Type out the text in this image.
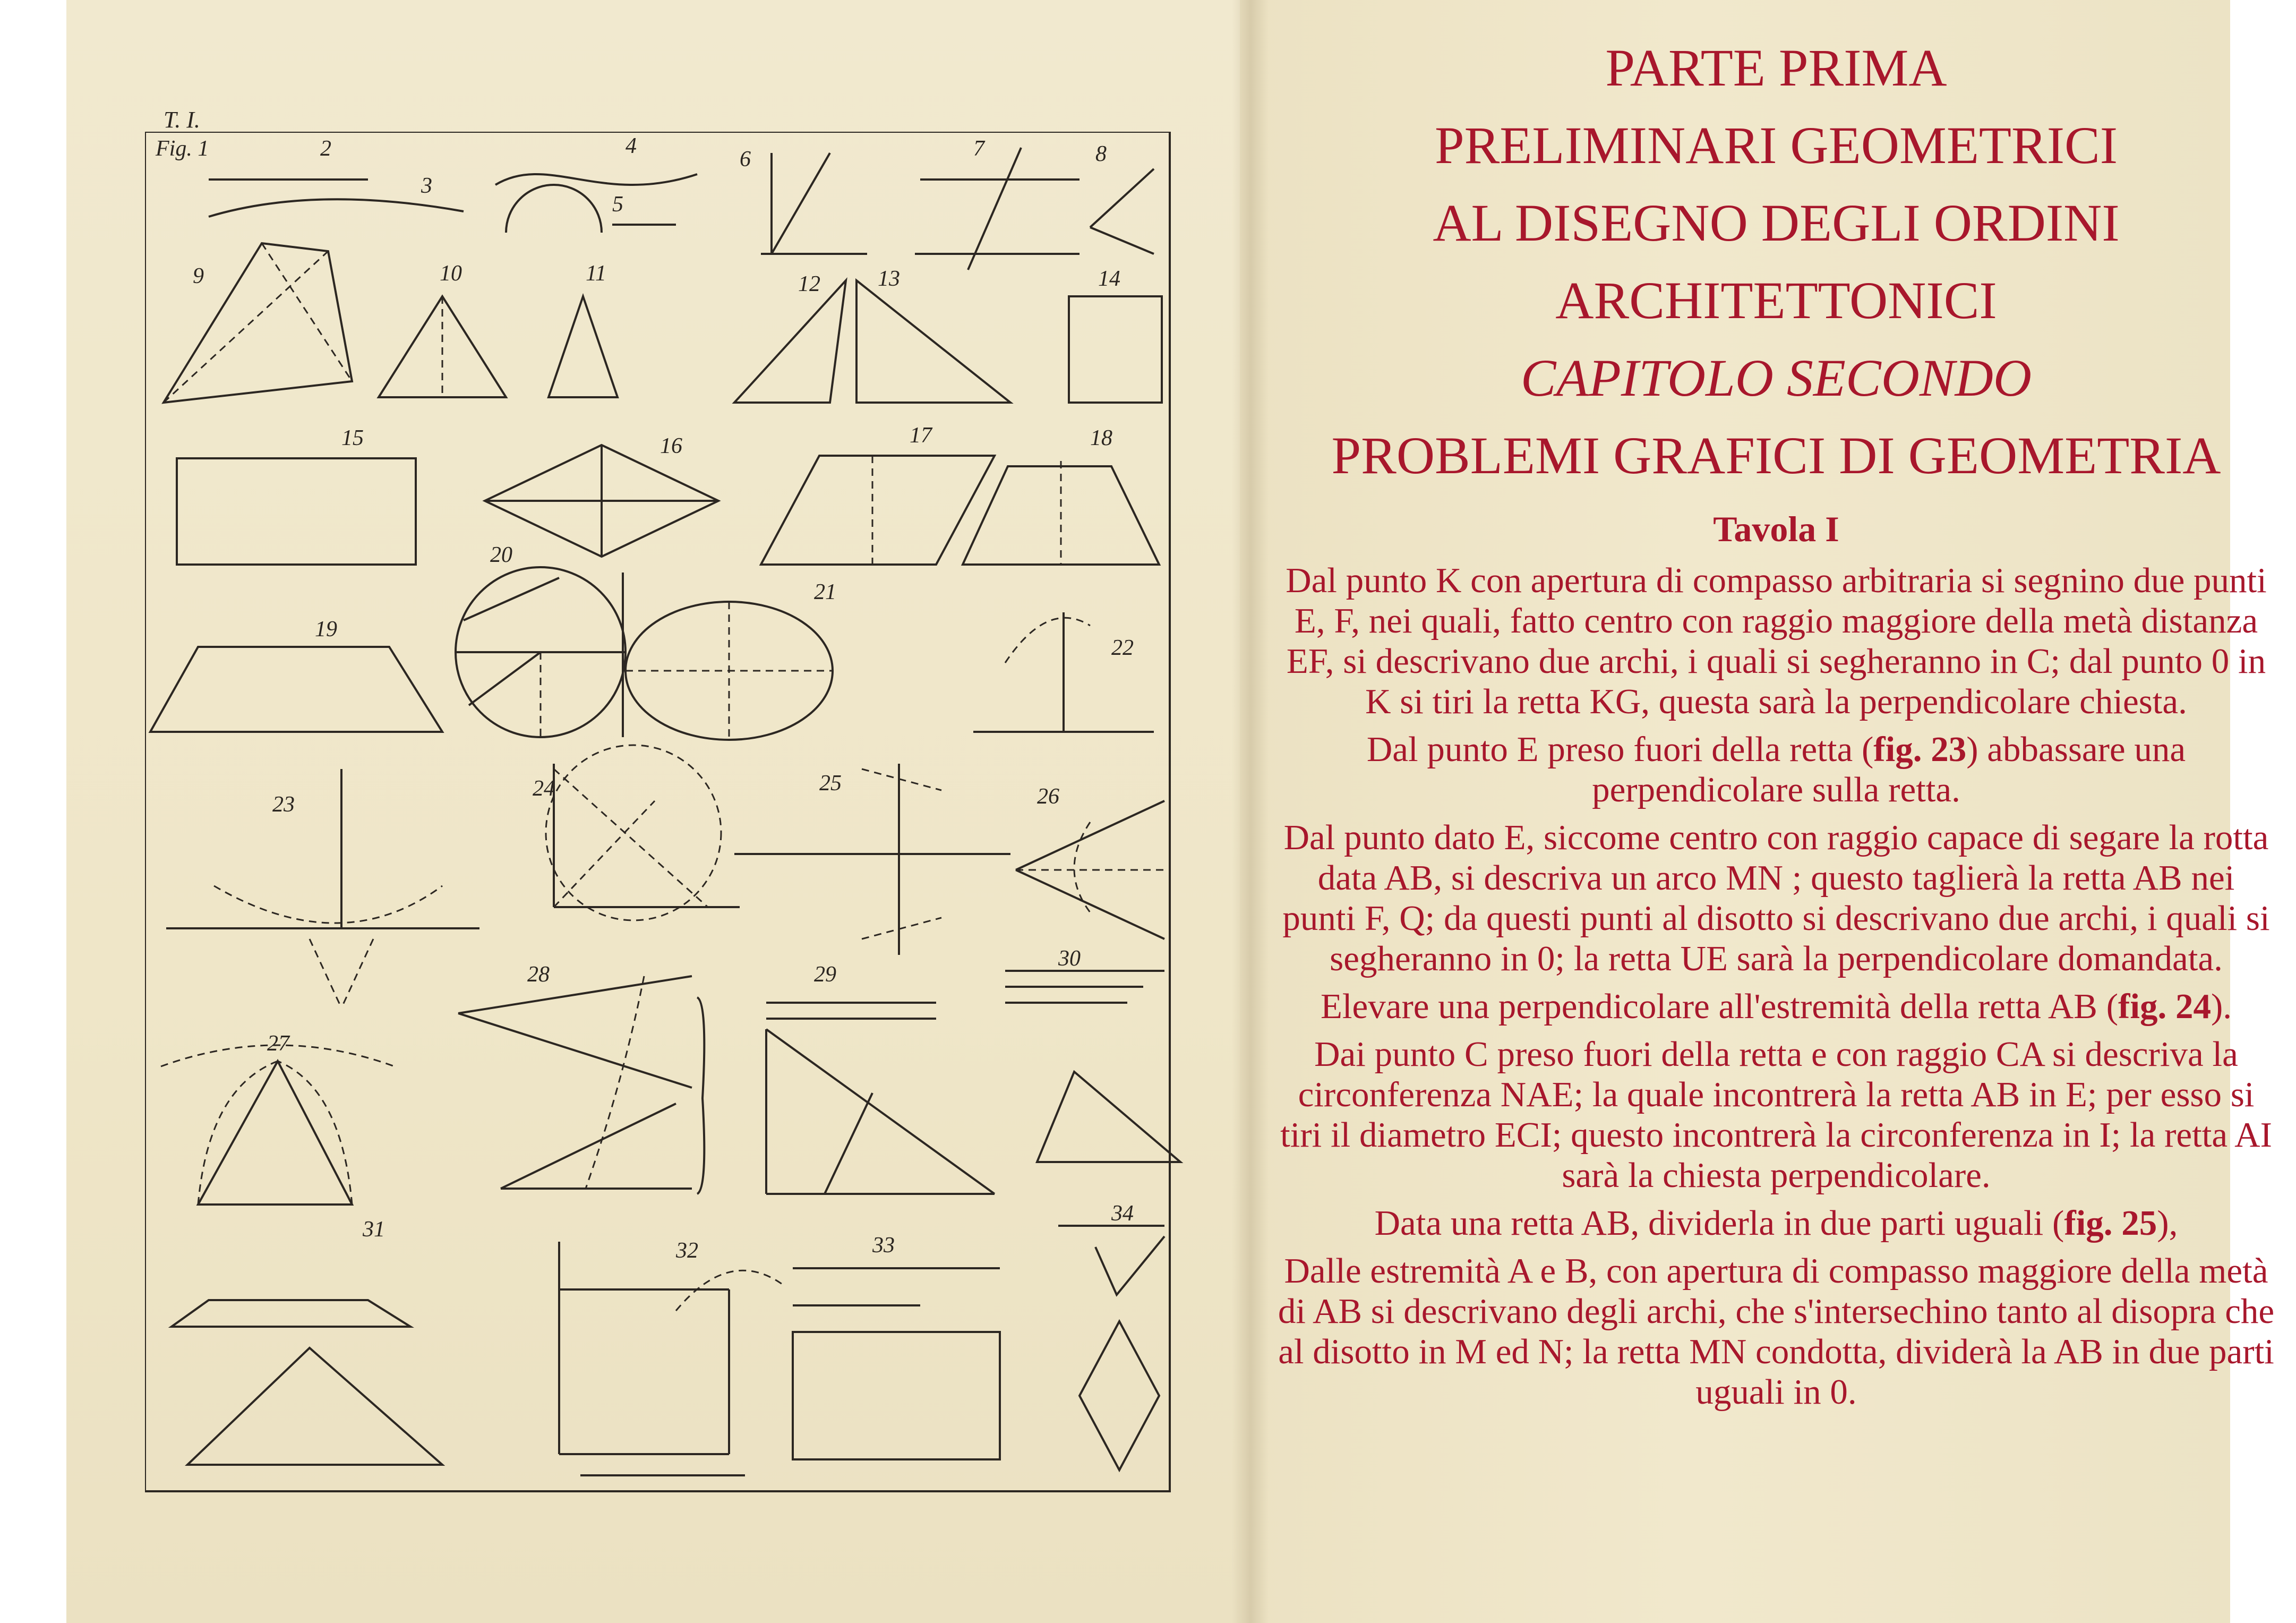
T. I.
Fig. 1	2
3
4
5
6	7	8
9	10	11	12	13	14
15	16	17	18
19
20
21
22
23
24	25
26
27
28	29
30
31
32	33
34
PARTE PRIMA
PRELIMINARI GEOMETRICI
AL DISEGNO DEGLI ORDINI
ARCHITETTONICI
CAPITOLO SECONDO
PROBLEMI GRAFICI DI GEOMETRIA
Tavola I

Dal punto K con apertura di compasso arbitraria si segnino due punti E, F, nei quali, fatto centro con raggio maggiore della metà distanza EF, si descrivano due archi, i quali si segheranno in C; dal punto 0 in K si tiri la retta KG, questa sarà la perpendicolare chiesta.

Dal punto E preso fuori della retta (fig. 23) abbassare una perpendicolare sulla retta.

Dal punto dato E, siccome centro con raggio capace di segare la rotta data AB, si descriva un arco MN ; questo taglierà la retta AB nei punti F, Q; da questi punti al disotto si descrivano due archi, i quali si segheranno in 0; la retta UE sarà la perpendicolare domandata.

Elevare una perpendicolare all'estremità della retta AB (fig. 24).

Dai punto C preso fuori della retta e con raggio CA si descriva la circonferenza NAE; la quale incontrerà la retta AB in E; per esso si tiri il diametro ECI; questo incontrerà la circonferenza in I; la retta AI sarà la chiesta perpendicolare.

Data una retta AB, dividerla in due parti uguali (fig. 25),

Dalle estremità A e B, con apertura di compasso maggiore della metà di AB si descrivano degli archi, che s'intersechino tanto al disopra che al disotto in M ed N; la retta MN condotta, dividerà la AB in due parti uguali in 0.
